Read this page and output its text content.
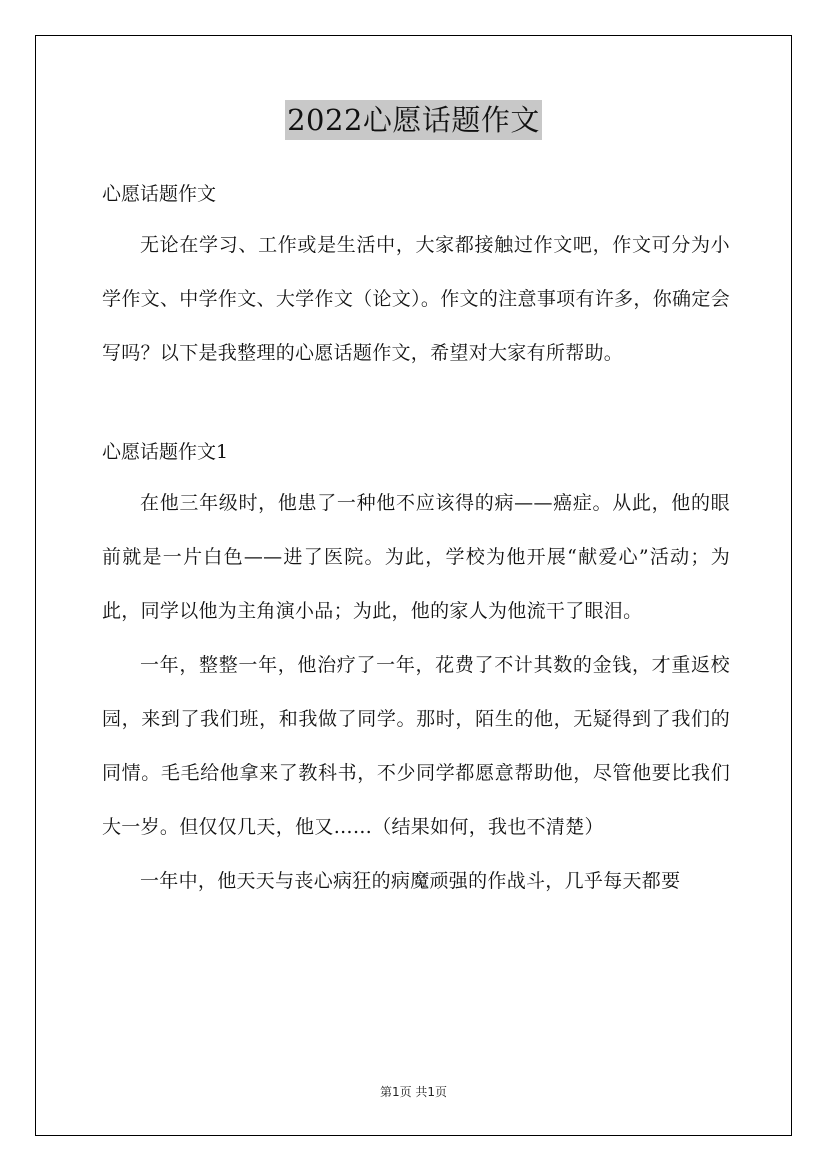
2022心愿话题作文

心愿话题作文

无论在学习、工作或是生活中，大家都接触过作文吧，作文可分为小学作文、中学作文、大学作文（论文）。作文的注意事项有许多，你确定会写吗？以下是我整理的心愿话题作文，希望对大家有所帮助。

心愿话题作文1

在他三年级时，他患了一种他不应该得的病——癌症。从此，他的眼前就是一片白色——进了医院。为此，学校为他开展“献爱心”活动；为此，同学以他为主角演小品；为此，他的家人为他流干了眼泪。

一年，整整一年，他治疗了一年，花费了不计其数的金钱，才重返校园，来到了我们班，和我做了同学。那时，陌生的他，无疑得到了我们的同情。毛毛给他拿来了教科书，不少同学都愿意帮助他，尽管他要比我们大一岁。但仅仅几天，他又……（结果如何，我也不清楚）

一年中，他天天与丧心病狂的病魔顽强的作战斗，几乎每天都要

第1页 共1页
